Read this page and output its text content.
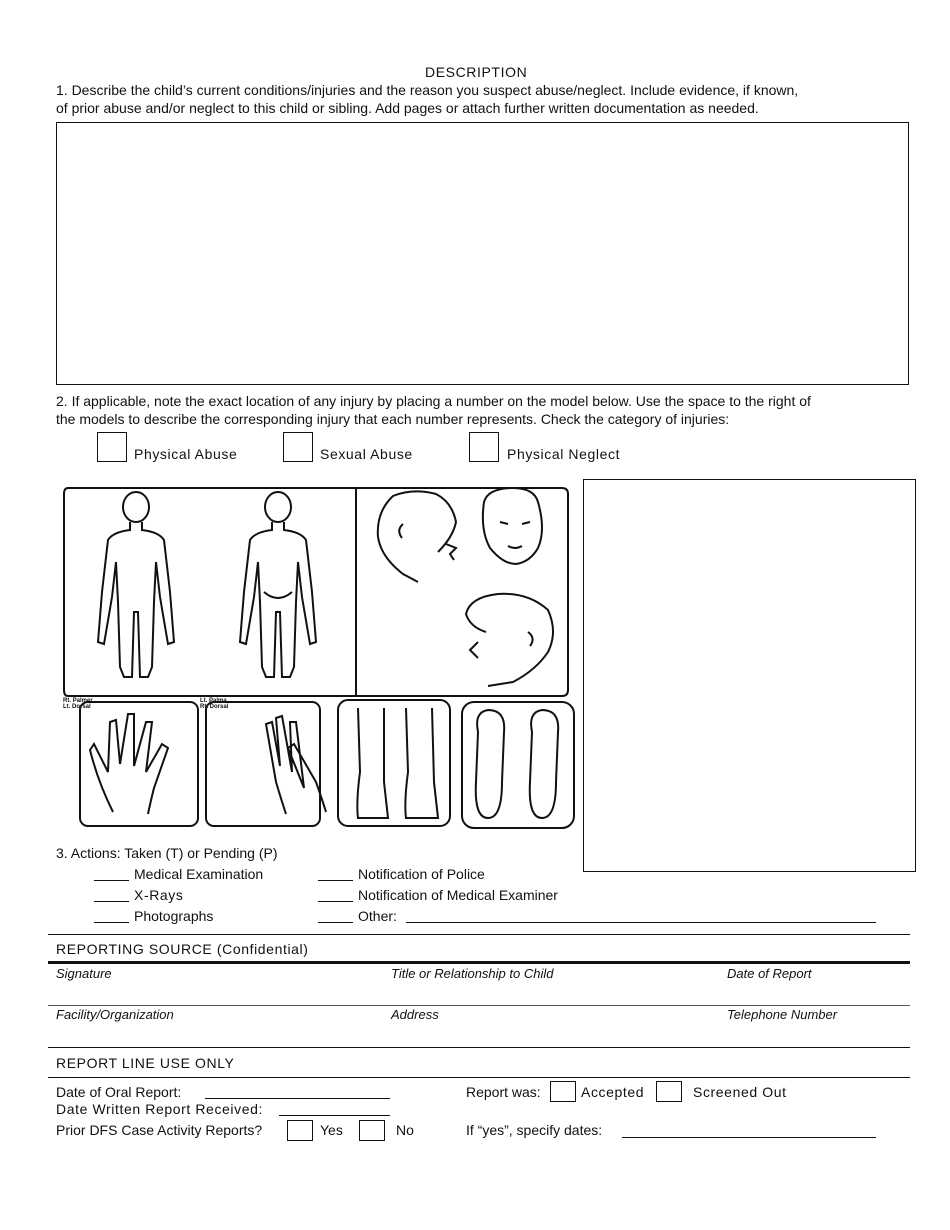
DESCRIPTION
1. Describe the child’s current conditions/injuries and the reason you suspect abuse/neglect. Include evidence, if known,
of prior abuse and/or neglect to this child or sibling. Add pages or attach further written documentation as needed.
2. If applicable, note the exact location of any injury by placing a number on the model below. Use the space to the right of
the models to describe the corresponding injury that each number represents. Check the category of injuries:
Physical Abuse	Sexual Abuse	Physical Neglect
Rt. Palmer
Lt. Dorsal
Lt. Palma
Rt. Dorsal
3. Actions: Taken (T) or Pending (P)
Medical Examination
X-Rays
Photographs
Notification of Police
Notification of Medical Examiner
Other:
REPORTING SOURCE (Confidential)
Signature	Title or Relationship to Child	Date of Report
Facility/Organization	Address	Telephone Number
REPORT LINE USE ONLY
Date of Oral Report:
Date Written Report Received:
Prior DFS Case Activity Reports?	Yes	No
Report was:	Accepted	Screened Out
If “yes”, specify dates:
